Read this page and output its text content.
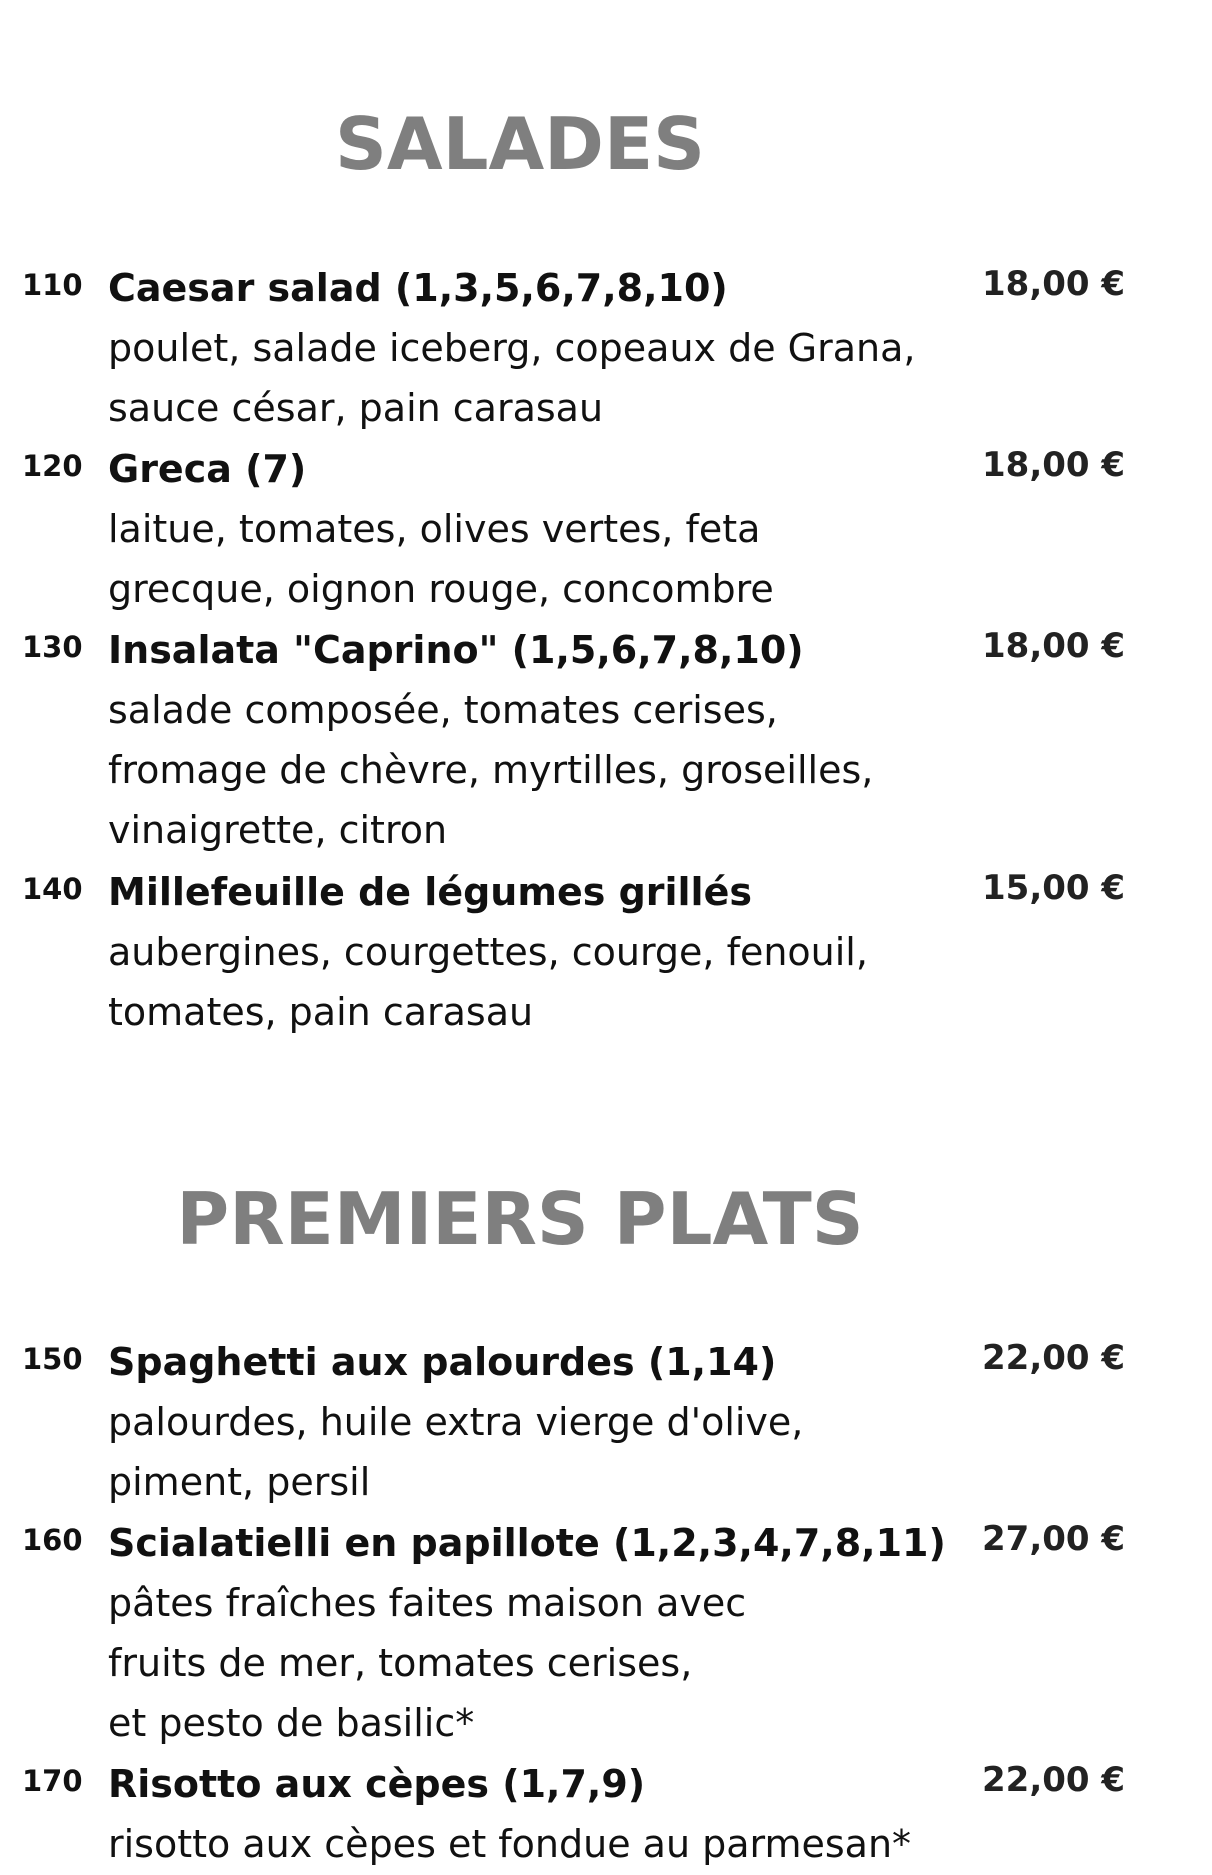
SALADES
110 Caesar salad (1,3,5,6,7,8,10)	18,00 €
poulet, salade iceberg, copeaux de Grana,
sauce césar, pain carasau
120 Greca (7)	18,00 €
laitue, tomates, olives vertes, feta
grecque, oignon rouge, concombre
130 Insalata "Caprino" (1,5,6,7,8,10)	18,00 €
salade composée, tomates cerises,
fromage de chèvre, myrtilles, groseilles,
vinaigrette, citron
140 Millefeuille de légumes grillés	15,00 €
aubergines, courgettes, courge, fenouil,
tomates, pain carasau
PREMIERS PLATS
150 Spaghetti aux palourdes (1,14)	22,00 €
palourdes, huile extra vierge d'olive,
piment, persil
160 Scialatielli en papillote (1,2,3,4,7,8,11) 27,00 €
pâtes fraîches faites maison avec
fruits de mer, tomates cerises,
et pesto de basilic*
170 Risotto aux cèpes (1,7,9)	22,00 €
risotto aux cèpes et fondue au parmesan*
